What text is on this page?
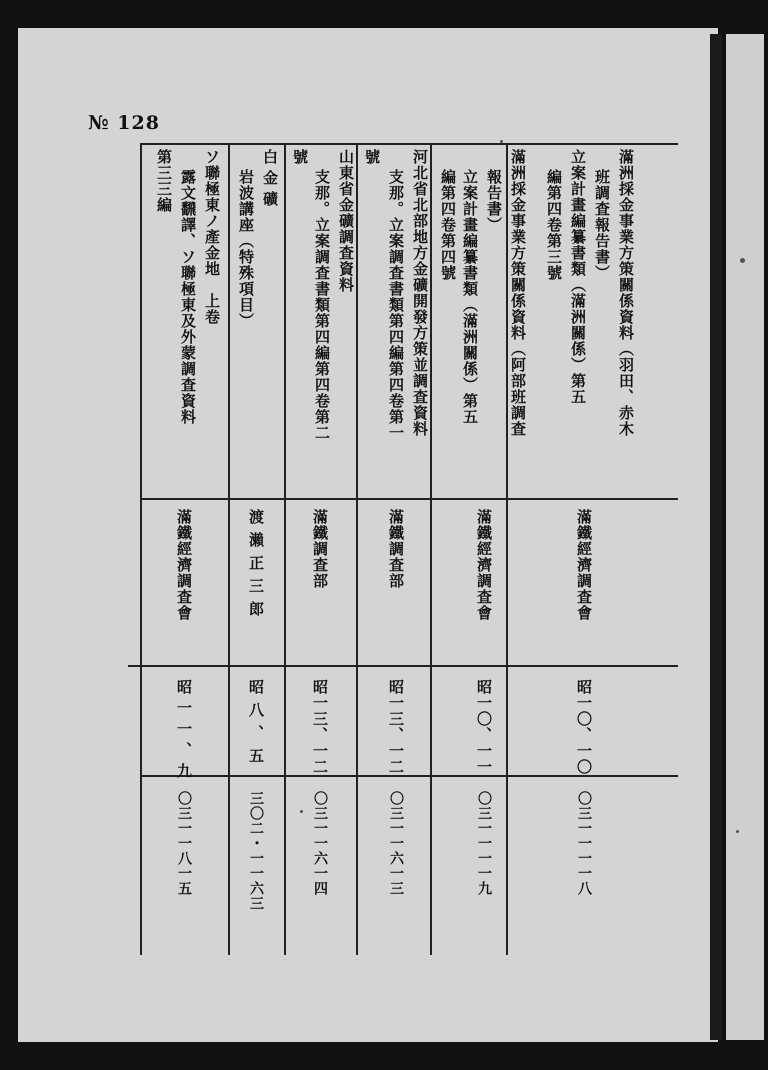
№ 128
滿洲採金事業方策關係資料（羽田、赤木
班調査報告書）
立案計畫編纂書類（滿洲關係）第五
編第四卷第三號
滿鐵經濟調査會
昭一〇、一〇
〇三一一一一八
滿洲採金事業方策關係資料（阿部班調査
報告書）
立案計畫編纂書類（滿洲關係）第五
編第四卷第四號
滿鐵經濟調査會
昭一〇、一一
〇三一一一一九
河北省北部地方金礦開發方策並調査資料
支那。立案調査書類第四編第四卷第一
號
滿鐵調査部
昭一三、一二
〇三一一六一三
山東省金礦調査資料
支那。立案調査書類第四編第四卷第二
號
滿鐵調査部
昭一三、一二
〇三一一六一四
白金礦
岩波講座（特殊項目）
渡瀨正三郎
昭八、五
三〇二・一一六三
ソ聯極東ノ產金地　上卷
露文飜譯、ソ聯極東及外蒙調査資料
第三三編
滿鐵經濟調査會
昭一一、九
〇三一一八一五
